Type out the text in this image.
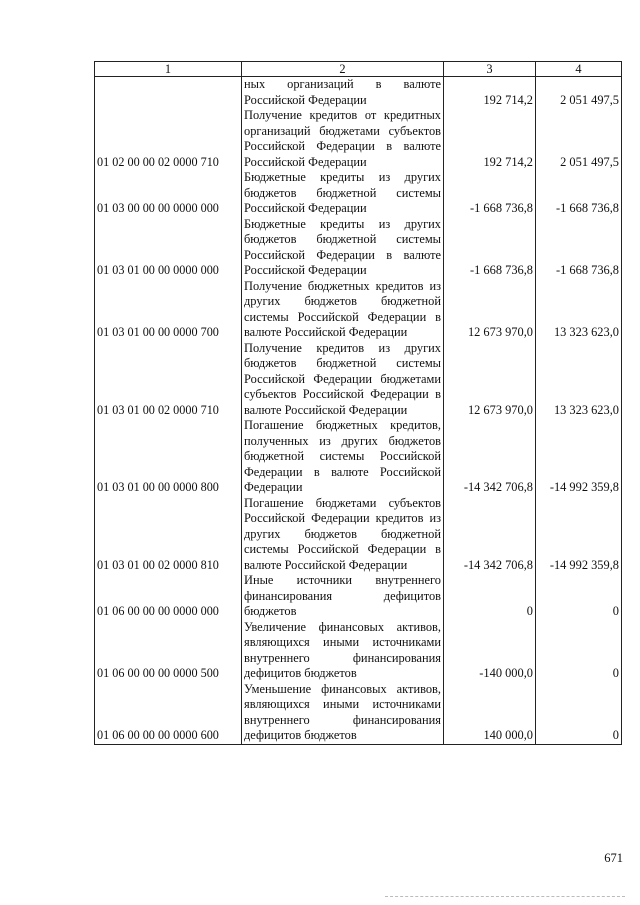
1	2	3	4
	ных организаций в валюте Российской Федерации	192 714,2	2 051 497,5
01 02 00 00 02 0000 710	Получение кредитов от кредитных организаций бюджетами субъектов Российской Федерации в валюте Российской Федерации	192 714,2	2 051 497,5
01 03 00 00 00 0000 000	Бюджетные кредиты из других бюджетов бюджетной системы Российской Федерации	-1 668 736,8	-1 668 736,8
01 03 01 00 00 0000 000	Бюджетные кредиты из других бюджетов бюджетной системы Российской Федерации в валюте Российской Федерации	-1 668 736,8	-1 668 736,8
01 03 01 00 00 0000 700	Получение бюджетных кредитов из других бюджетов бюджетной системы Российской Федерации в валюте Российской Федерации	12 673 970,0	13 323 623,0
01 03 01 00 02 0000 710	Получение кредитов из других бюджетов бюджетной системы Российской Федерации бюджетами субъектов Российской Федерации в валюте Российской Федерации	12 673 970,0	13 323 623,0
01 03 01 00 00 0000 800	Погашение бюджетных кредитов, полученных из других бюджетов бюджетной системы Российской Федерации в валюте Российской Федерации	-14 342 706,8	-14 992 359,8
01 03 01 00 02 0000 810	Погашение бюджетами субъектов Российской Федерации кредитов из других бюджетов бюджетной системы Российской Федерации в валюте Российской Федерации	-14 342 706,8	-14 992 359,8
01 06 00 00 00 0000 000	Иные источники внутреннего финансирования дефицитов бюджетов	0	0
01 06 00 00 00 0000 500	Увеличение финансовых активов, являющихся иными источниками внутреннего финансирования дефицитов бюджетов	-140 000,0	0
01 06 00 00 00 0000 600	Уменьшение финансовых активов, являющихся иными источниками внутреннего финансирования дефицитов бюджетов	140 000,0	0
671
